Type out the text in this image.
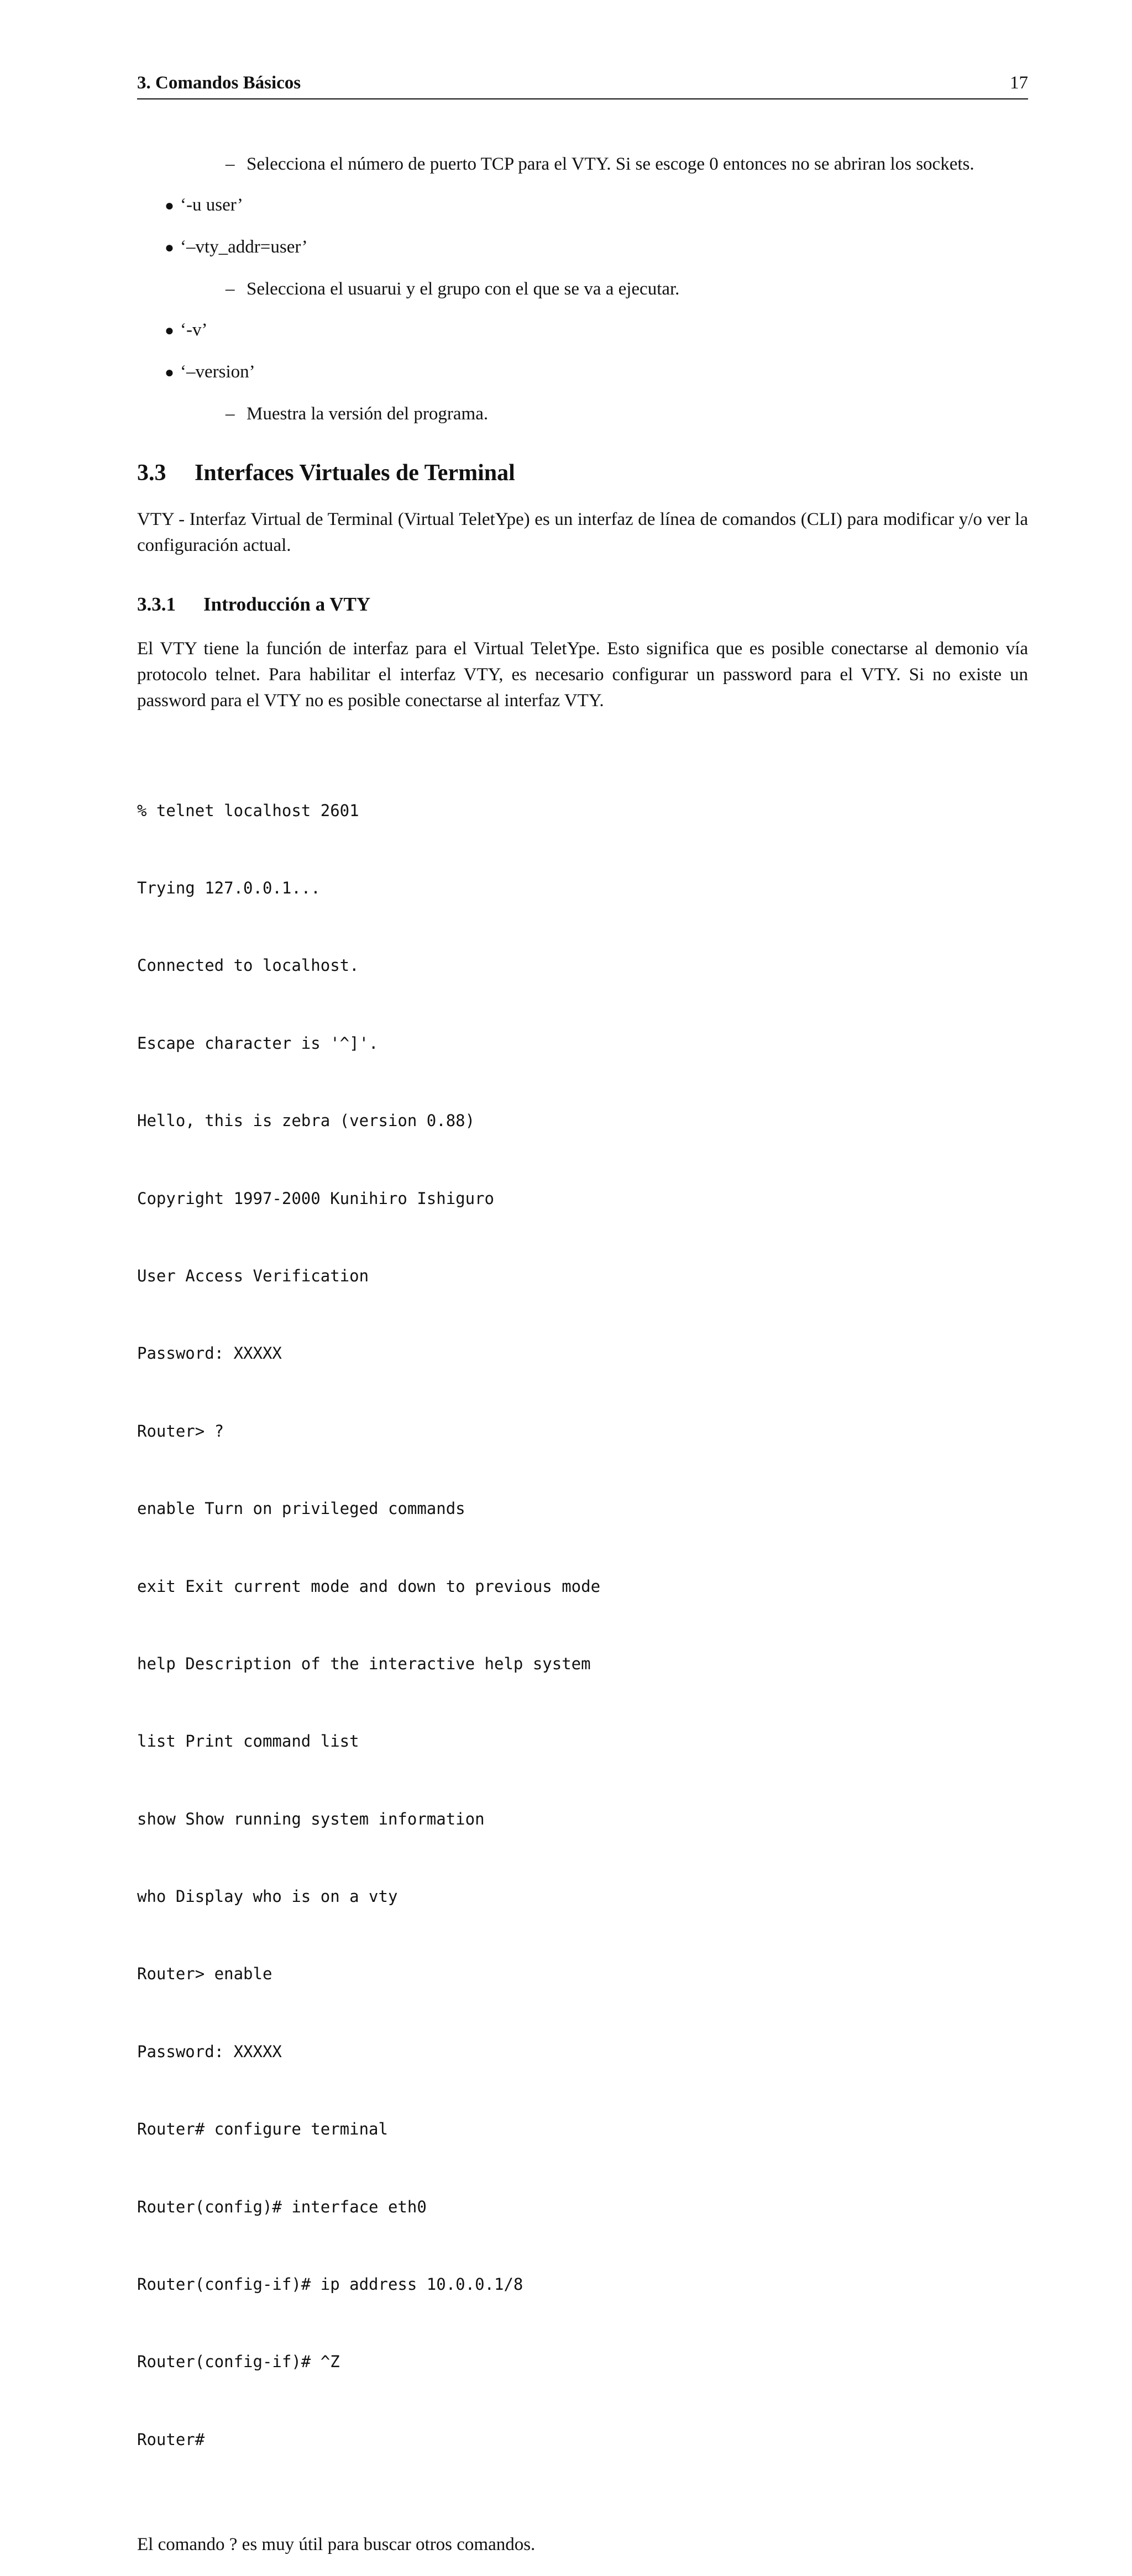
3. Comandos Básicos	17
– Selecciona el número de puerto TCP para el VTY. Si se escoge 0 entonces no se abriran los sockets.
● ‘-u user’
● ‘–vty_addr=user’
– Selecciona el usuarui y el grupo con el que se va a ejecutar.
● ‘-v’
● ‘–version’
– Muestra la versión del programa.
3.3 Interfaces Virtuales de Terminal

VTY - Interfaz Virtual de Terminal (Virtual TeletYpe) es un interfaz de línea de comandos (CLI) para modificar y/o ver la configuración actual.

3.3.1 Introducción a VTY

El VTY tiene la función de interfaz para el Virtual TeletYpe. Esto significa que es posible conectarse al demonio vía protocolo telnet. Para habilitar el interfaz VTY, es necesario configurar un password para el VTY. Si no existe un password para el VTY no es posible conectarse al interfaz VTY.

% telnet localhost 2601

Trying 127.0.0.1...

Connected to localhost.

Escape character is '^]'.

Hello, this is zebra (version 0.88)

Copyright 1997-2000 Kunihiro Ishiguro

User Access Verification

Password: XXXXX

Router> ?

enable Turn on privileged commands

exit Exit current mode and down to previous mode

help Description of the interactive help system

list Print command list

show Show running system information

who Display who is on a vty

Router> enable

Password: XXXXX

Router# configure terminal

Router(config)# interface eth0

Router(config-if)# ip address 10.0.0.1/8

Router(config-if)# ^Z

Router#

El comando ? es muy útil para buscar otros comandos.
